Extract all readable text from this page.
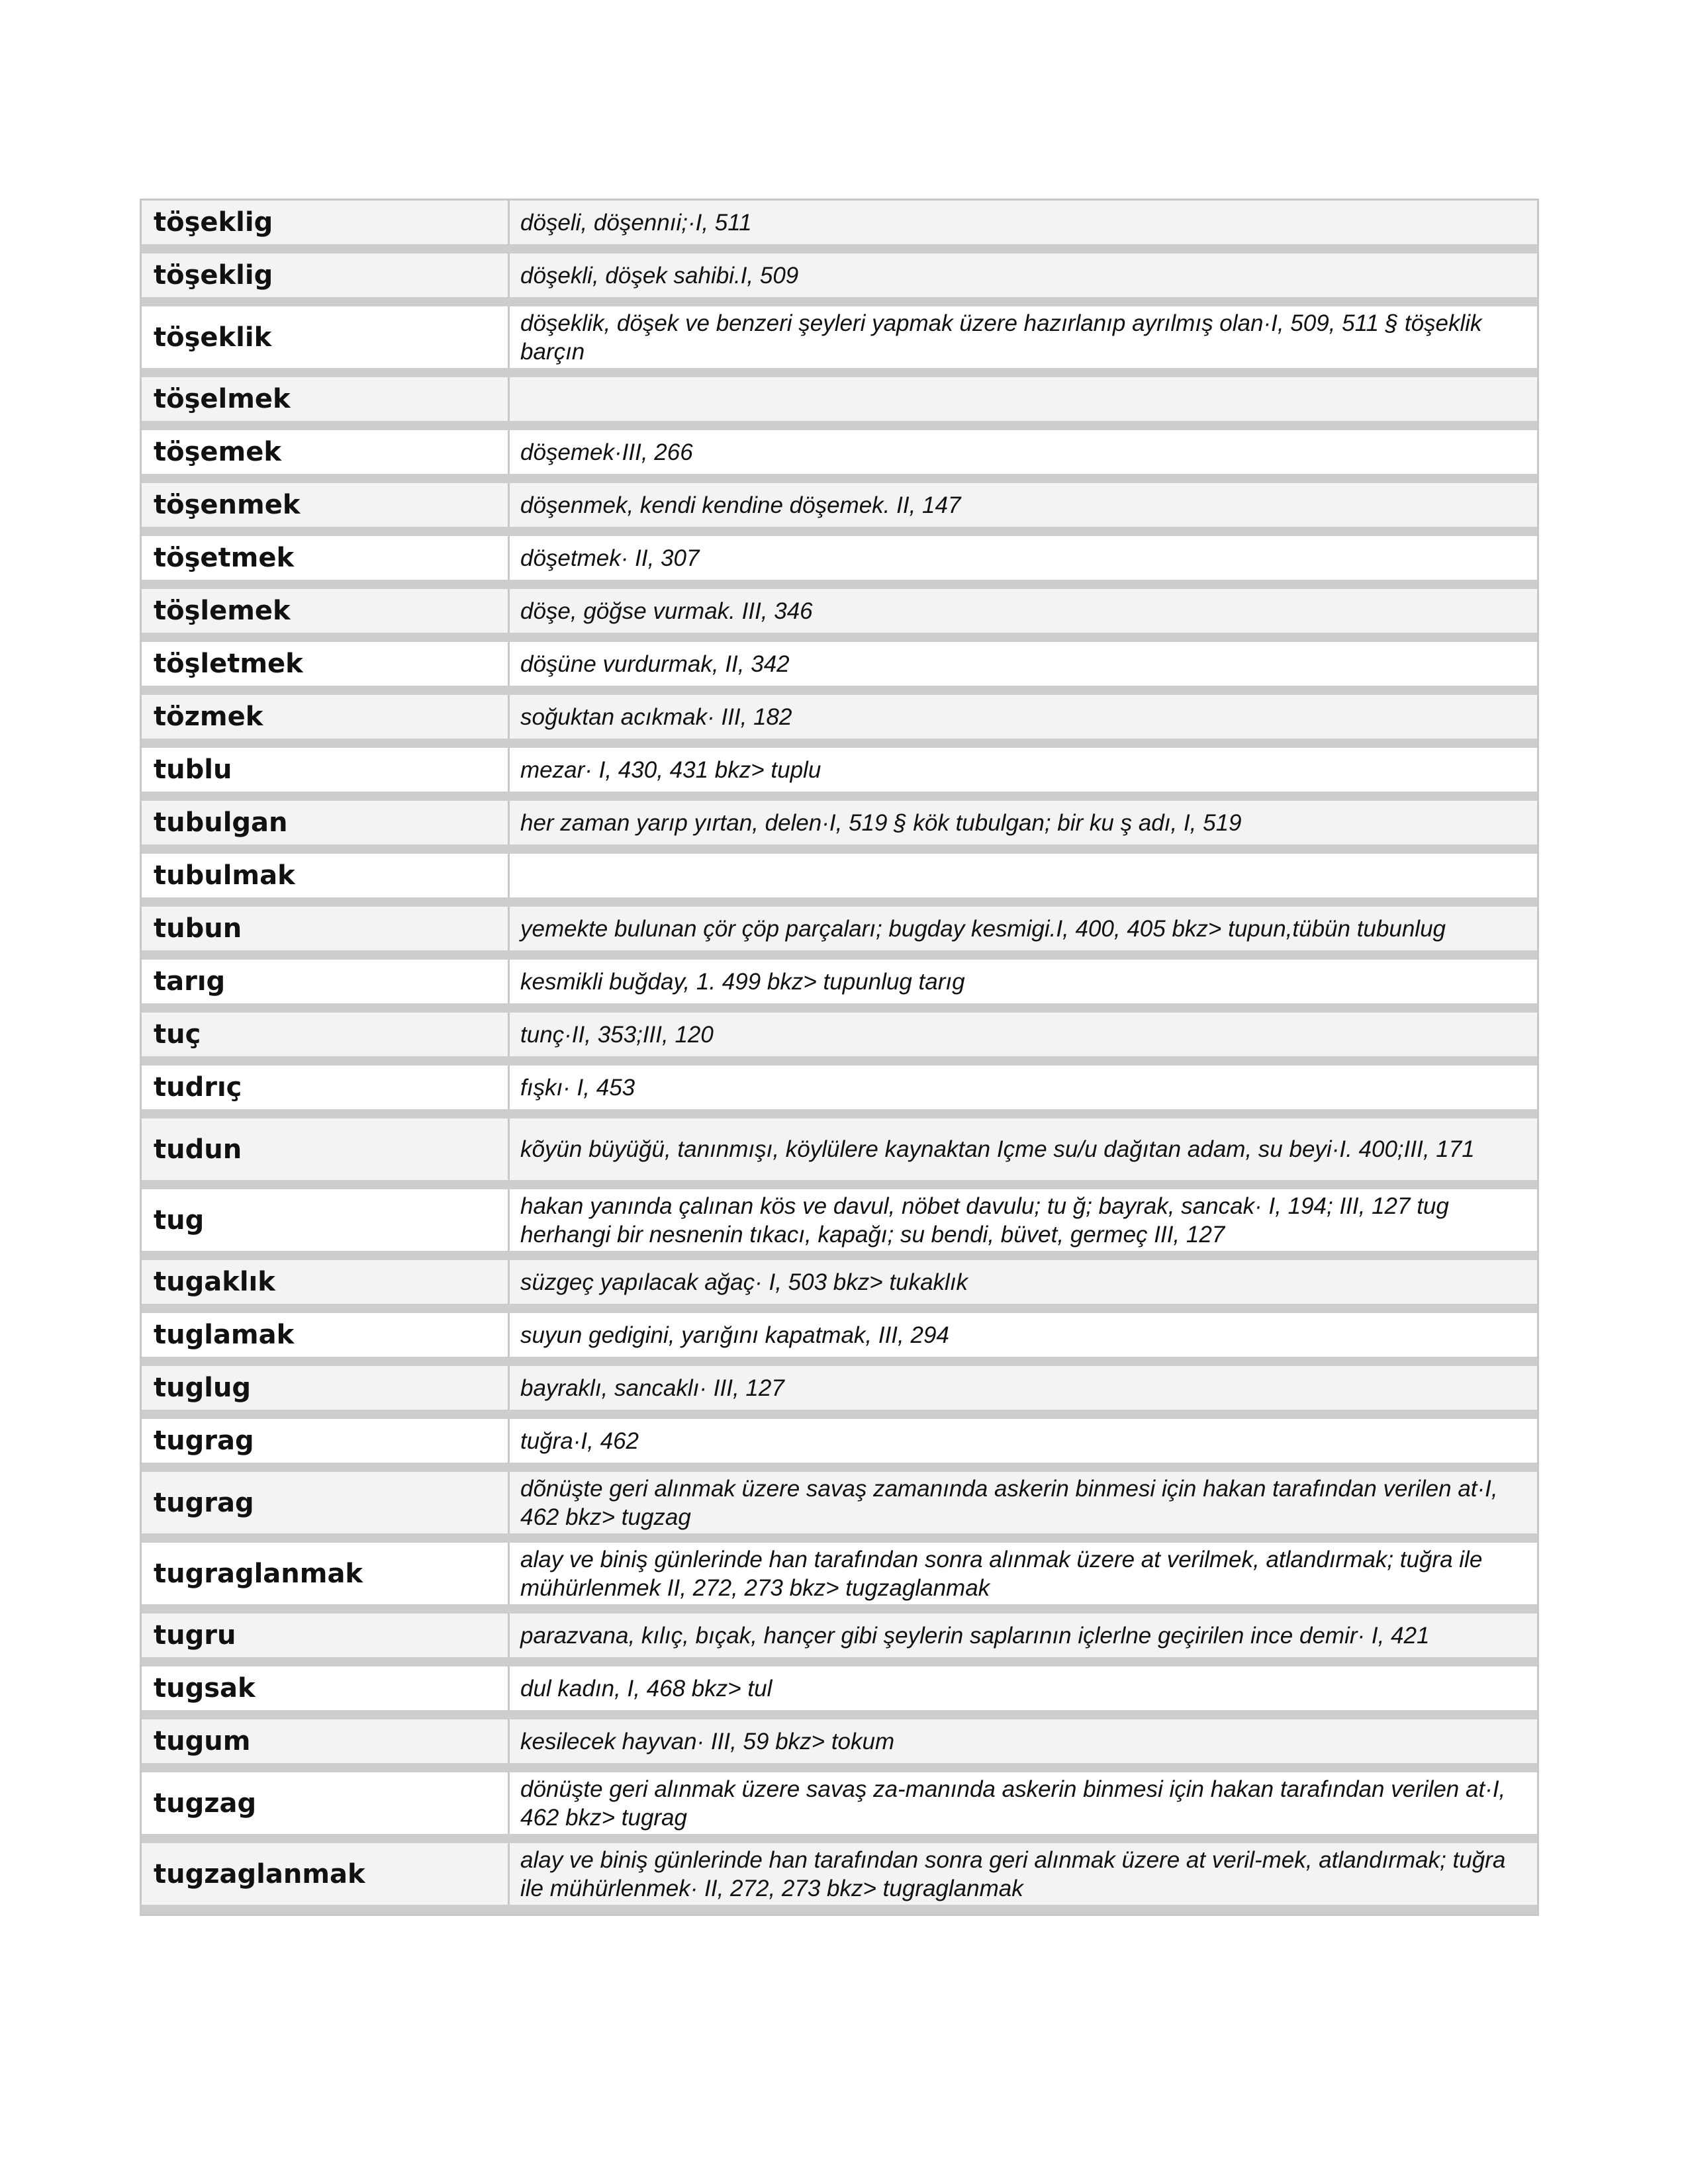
töşeklig	döşeli, döşennıi;·I, 511
töşeklig	döşekli, döşek sahibi.I, 509
töşeklik	döşeklik, döşek ve benzeri şeyleri yapmak üzere hazırlanıp ayrılmış olan·I, 509, 511 § töşeklik barçın
töşelmek
töşemek	döşemek·III, 266
töşenmek	döşenmek, kendi kendine döşemek. II, 147
töşetmek	döşetmek· II, 307
töşlemek	döşe, göğse vurmak. III, 346
töşletmek	döşüne vurdurmak, II, 342
tözmek	soğuktan acıkmak· III, 182
tublu	mezar· I, 430, 431 bkz> tuplu
tubulgan	her zaman yarıp yırtan, delen·I, 519 § kök tubulgan; bir ku ş adı, I, 519
tubulmak
tubun	yemekte bulunan çör çöp parçaları; bugday kesmigi.I, 400, 405 bkz> tupun,tübün tubunlug
tarıg	kesmikli buğday, 1. 499 bkz> tupunlug tarıg
tuç	tunç·II, 353;III, 120
tudrıç	fışkı· I, 453
tudun	kõyün büyüğü, tanınmışı, köylülere kaynaktan Içme su/u dağıtan adam, su beyi·I. 400;III, 171
tug	hakan yanında çalınan kös ve davul, nöbet davulu; tu ğ; bayrak, sancak· I, 194; III, 127 tug herhangi bir nesnenin tıkacı, kapağı; su bendi, büvet, germeç III, 127
tugaklık	süzgeç yapılacak ağaç· I, 503 bkz> tukaklık
tuglamak	suyun gedigini, yarığını kapatmak, III, 294
tuglug	bayraklı, sancaklı· III, 127
tugrag	tuğra·I, 462
tugrag	dõnüşte geri alınmak üzere savaş zamanında askerin binmesi için hakan tarafından verilen at·I, 462 bkz> tugzag
tugraglanmak	alay ve biniş günlerinde han tarafından sonra alınmak üzere at verilmek, atlandırmak; tuğra ile mühürlenmek II, 272, 273 bkz> tugzaglanmak
tugru	parazvana, kılıç, bıçak, hançer gibi şeylerin saplarının içlerlne geçirilen ince demir· I, 421
tugsak	dul kadın, I, 468 bkz> tul
tugum	kesilecek hayvan· III, 59 bkz> tokum
tugzag	dönüşte geri alınmak üzere savaş za-manında askerin binmesi için hakan tarafından verilen at·I, 462 bkz> tugrag
tugzaglanmak	alay ve biniş günlerinde han tarafından sonra geri alınmak üzere at veril-mek, atlandırmak; tuğra ile mühürlenmek· II, 272, 273 bkz> tugraglanmak
